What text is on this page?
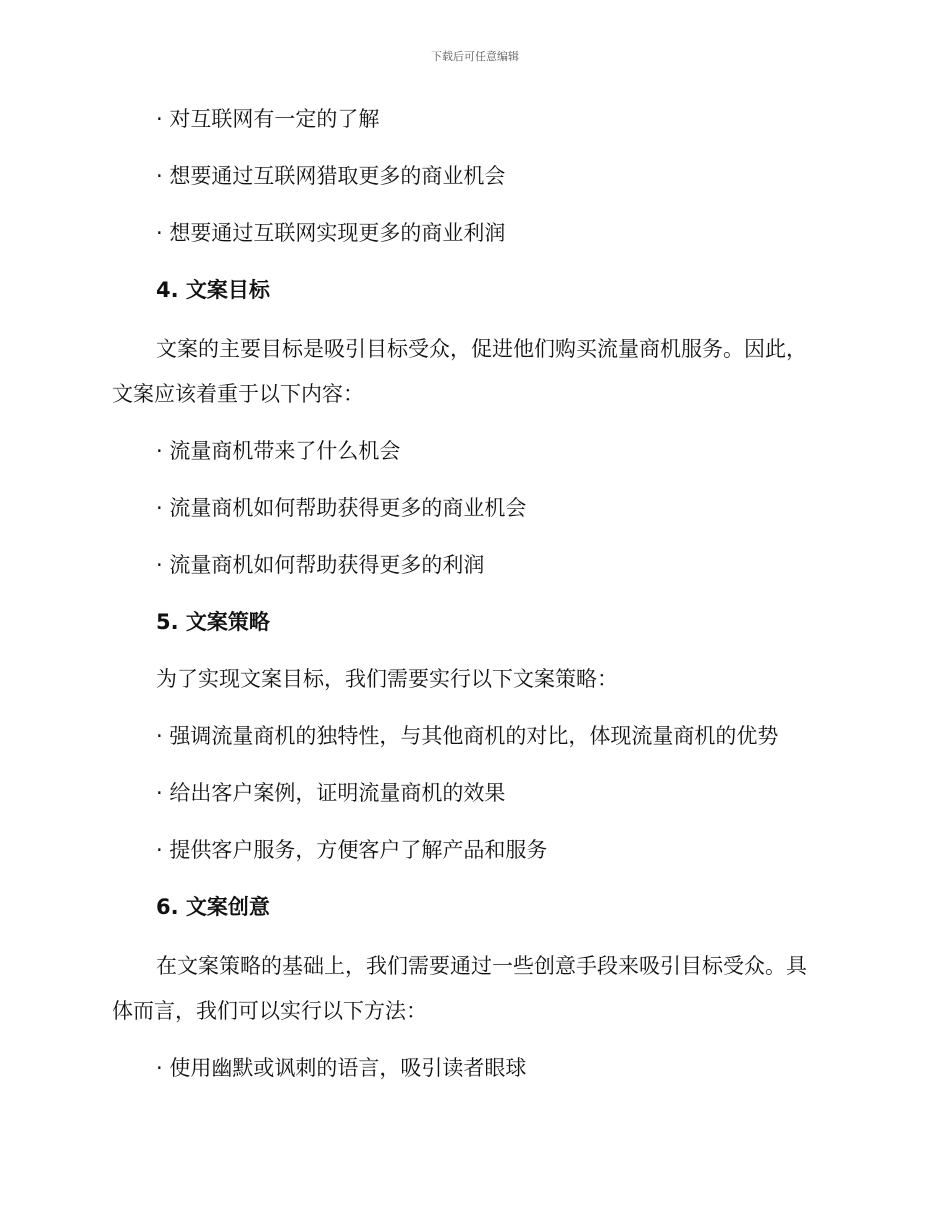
下载后可任意编辑
· 对互联网有一定的了解
· 想要通过互联网猎取更多的商业机会
· 想要通过互联网实现更多的商业利润
4. 文案目标
文案的主要目标是吸引目标受众，促进他们购买流量商机服务。因此，
文案应该着重于以下内容：
· 流量商机带来了什么机会
· 流量商机如何帮助获得更多的商业机会
· 流量商机如何帮助获得更多的利润
5. 文案策略
为了实现文案目标，我们需要实行以下文案策略：
· 强调流量商机的独特性，与其他商机的对比，体现流量商机的优势
· 给出客户案例，证明流量商机的效果
· 提供客户服务，方便客户了解产品和服务
6. 文案创意
在文案策略的基础上，我们需要通过一些创意手段来吸引目标受众。具
体而言，我们可以实行以下方法：
· 使用幽默或讽刺的语言，吸引读者眼球
